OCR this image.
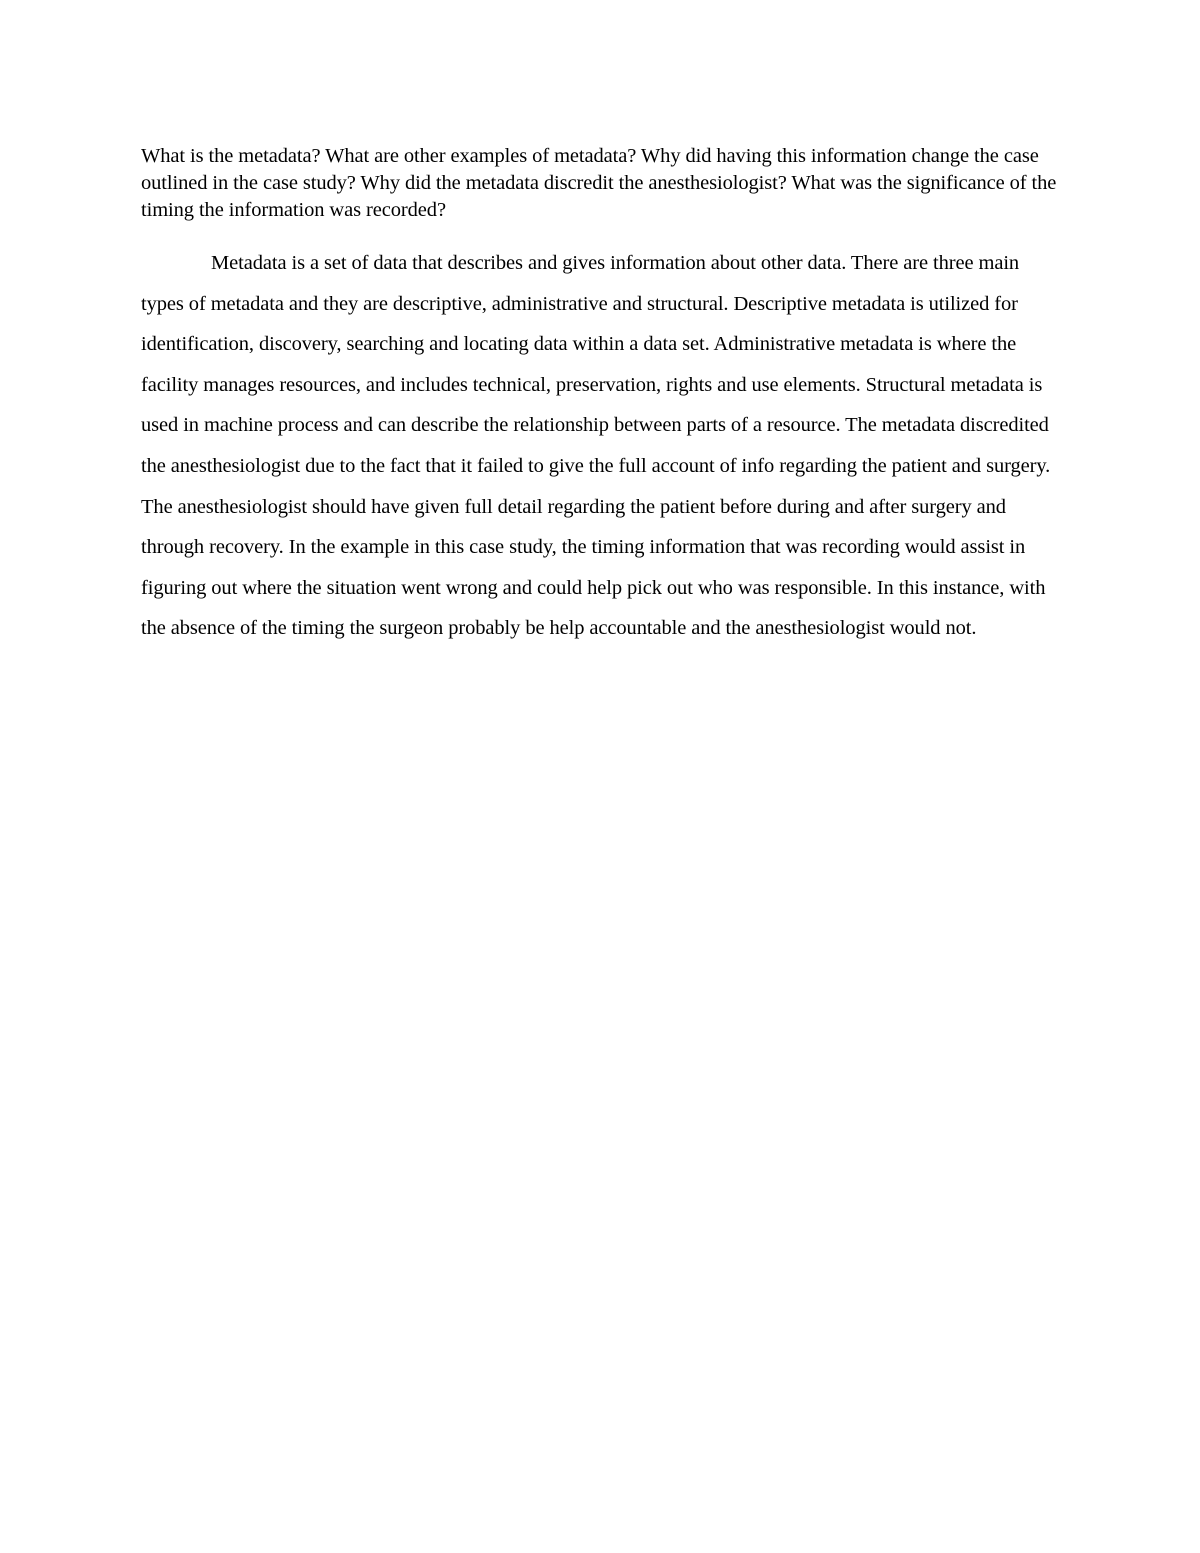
What is the metadata? What are other examples of metadata? Why did having this information change the case outlined in the case study? Why did the metadata discredit the anesthesiologist? What was the significance of the timing the information was recorded?

Metadata is a set of data that describes and gives information about other data. There are three main types of metadata and they are descriptive, administrative and structural. Descriptive metadata is utilized for identification, discovery, searching and locating data within a data set. Administrative metadata is where the facility manages resources, and includes technical, preservation, rights and use elements. Structural metadata is used in machine process and can describe the relationship between parts of a resource. The metadata discredited the anesthesiologist due to the fact that it failed to give the full account of info regarding the patient and surgery. The anesthesiologist should have given full detail regarding the patient before during and after surgery and through recovery. In the example in this case study, the timing information that was recording would assist in figuring out where the situation went wrong and could help pick out who was responsible. In this instance, with the absence of the timing the surgeon probably be help accountable and the anesthesiologist would not.
